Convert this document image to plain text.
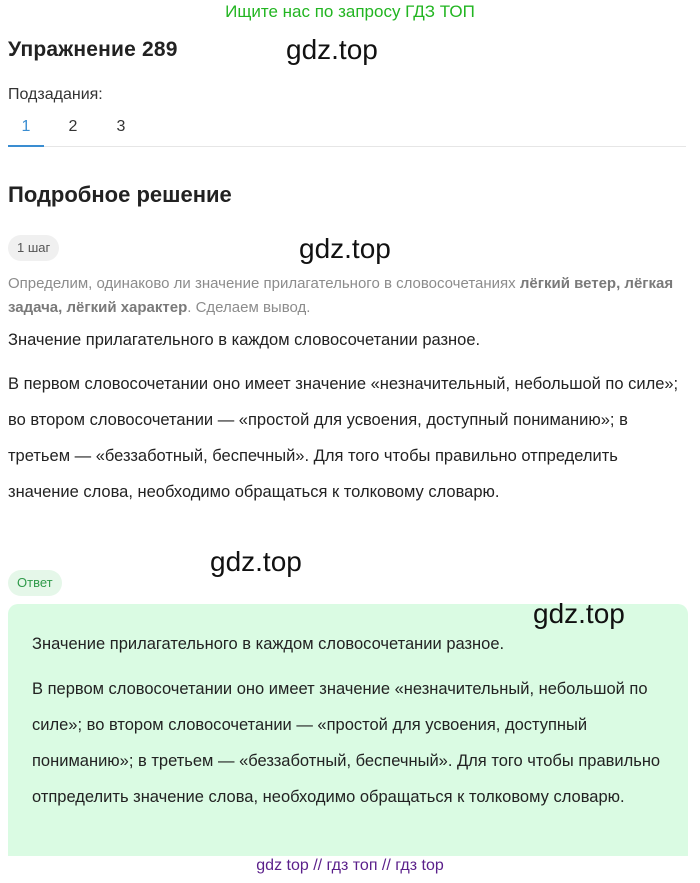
Ищите нас по запросу ГДЗ ТОП
Упражнение 289	gdz.top
Подзадания:
1	2	3
Подробное решение
1 шаг	gdz.top
Определим, одинаково ли значение прилагательного в словосочетаниях лёгкий ветер, лёгкая задача, лёгкий характер. Сделаем вывод.
Значение прилагательного в каждом словосочетании разное.
В первом словосочетании оно имеет значение «незначительный, небольшой по силе»; во втором словосочетании — «простой для усвоения, доступный пониманию»; в третьем — «беззаботный, беспечный». Для того чтобы правильно отпределить значение слова, необходимо обращаться к толковому словарю.
gdz.top
Ответ
Значение прилагательного в каждом словосочетании разное.
В первом словосочетании оно имеет значение «незначительный, небольшой по силе»; во втором словосочетании — «простой для усвоения, доступный пониманию»; в третьем — «беззаботный, беспечный». Для того чтобы правильно отпределить значение слова, необходимо обращаться к толковому словарю.
gdz.top
gdz top // гдз топ // гдз top
